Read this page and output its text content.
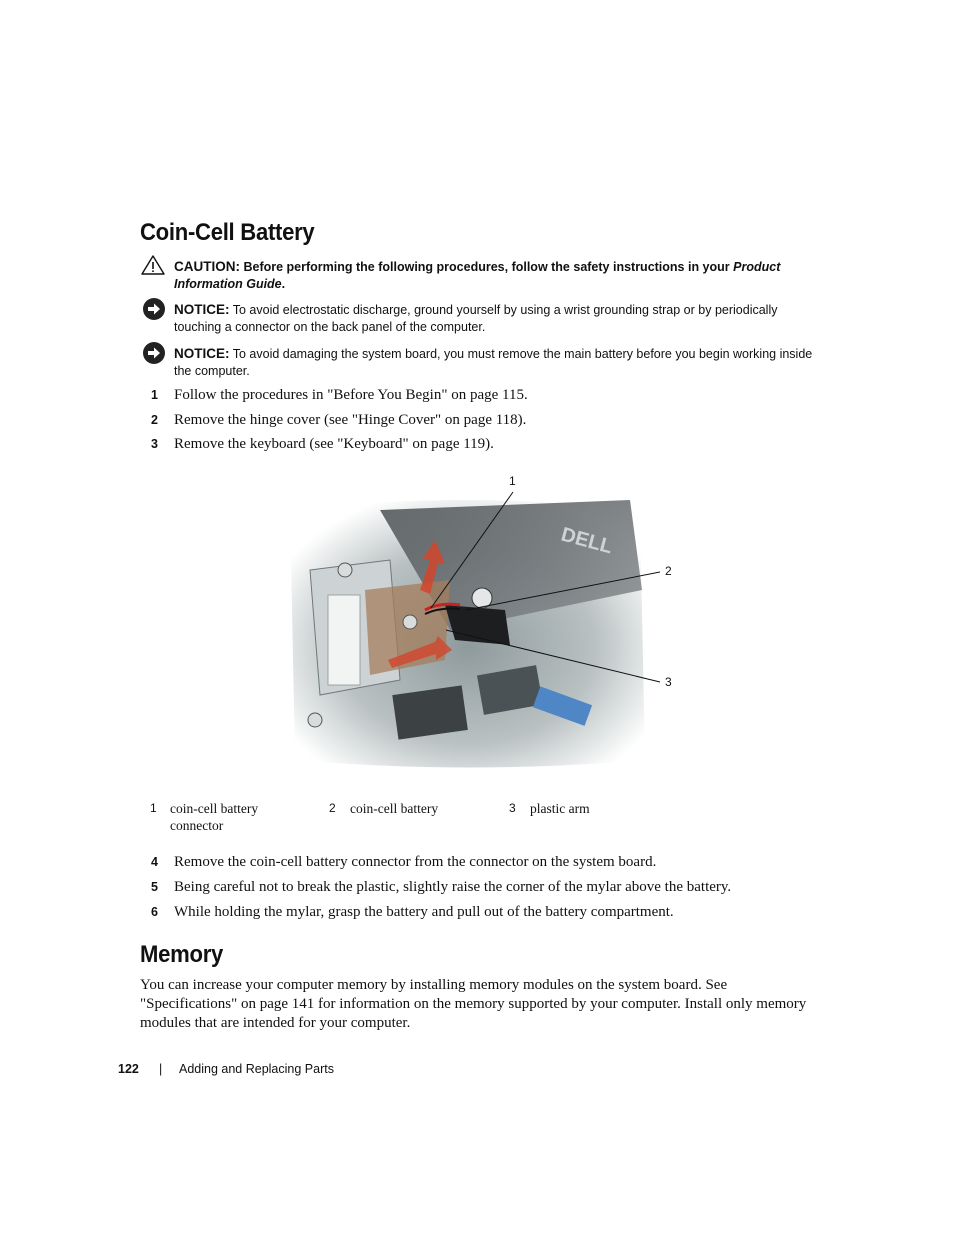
Coin-Cell Battery
CAUTION: Before performing the following procedures, follow the safety instructions in your Product Information Guide.
NOTICE: To avoid electrostatic discharge, ground yourself by using a wrist grounding strap or by periodically touching a connector on the back panel of the computer.
NOTICE: To avoid damaging the system board, you must remove the main battery before you begin working inside the computer.
1 Follow the procedures in "Before You Begin" on page 115.
2 Remove the hinge cover (see "Hinge Cover" on page 118).
3 Remove the keyboard (see "Keyboard" on page 119).
DELL
1
2
3
1 coin-cell battery connector
2 coin-cell battery	3 plastic arm
4 Remove the coin-cell battery connector from the connector on the system board.
5 Being careful not to break the plastic, slightly raise the corner of the mylar above the battery.
6 While holding the mylar, grasp the battery and pull out of the battery compartment.
Memory

You can increase your computer memory by installing memory modules on the system board. See "Specifications" on page 141 for information on the memory supported by your computer. Install only memory modules that are intended for your computer.

122 | Adding and Replacing Parts
